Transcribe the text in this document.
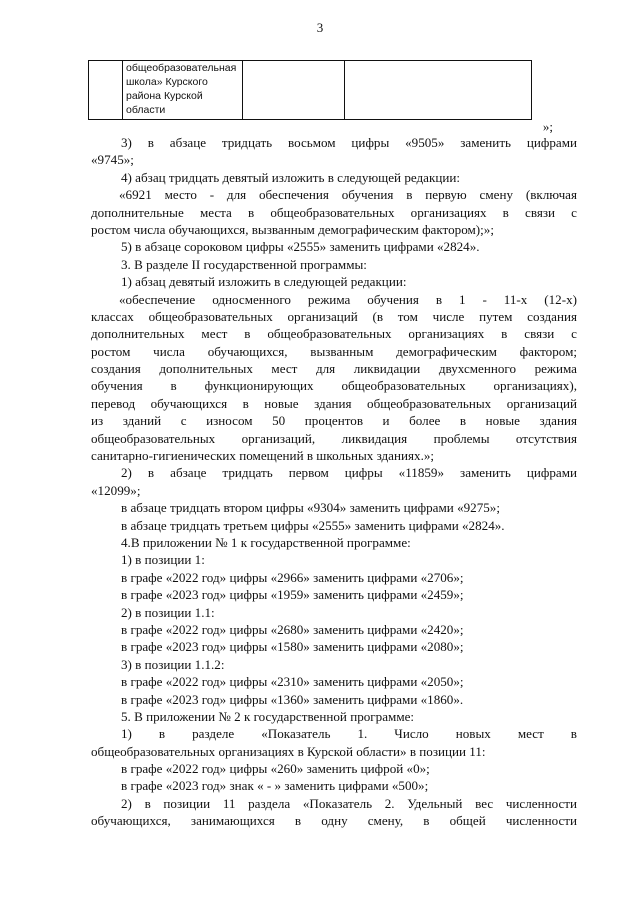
3

общеобразовательная
школа» Курского
района Курской
области

»;
3) в абзаце тридцать восьмом цифры «9505» заменить цифрами
«9745»;
4) абзац тридцать девятый изложить в следующей редакции:
«6921 место - для обеспечения обучения в первую смену (включая
дополнительные места в общеобразовательных организациях в связи с
ростом числа обучающихся, вызванным демографическим фактором);»;
5) в абзаце сороковом цифры «2555» заменить цифрами «2824».
3. В разделе II государственной программы:
1) абзац девятый изложить в следующей редакции:
«обеспечение односменного режима обучения в 1 - 11-х (12-х)
классах общеобразовательных организаций (в том числе путем создания
дополнительных мест в общеобразовательных организациях в связи с
ростом числа обучающихся, вызванным демографическим фактором;
создания дополнительных мест для ликвидации двухсменного режима
обучения в функционирующих общеобразовательных организациях),
перевод обучающихся в новые здания общеобразовательных организаций
из зданий с износом 50 процентов и более в новые здания
общеобразовательных организаций, ликвидация проблемы отсутствия
санитарно-гигиенических помещений в школьных зданиях.»;
2) в абзаце тридцать первом цифры «11859» заменить цифрами
«12099»;
в абзаце тридцать втором цифры «9304» заменить цифрами «9275»;
в абзаце тридцать третьем цифры «2555» заменить цифрами «2824».
4.В приложении № 1 к государственной программе:
1) в позиции 1:
в графе «2022 год» цифры «2966» заменить цифрами «2706»;
в графе «2023 год» цифры «1959» заменить цифрами «2459»;
2) в позиции 1.1:
в графе «2022 год» цифры «2680» заменить цифрами «2420»;
в графе «2023 год» цифры «1580» заменить цифрами «2080»;
3) в позиции 1.1.2:
в графе «2022 год» цифры «2310» заменить цифрами «2050»;
в графе «2023 год» цифры «1360» заменить цифрами «1860».
5. В приложении № 2 к государственной программе:
1) в разделе «Показатель 1. Число новых мест в
общеобразовательных организациях в Курской области» в позиции 11:
в графе «2022 год» цифры «260» заменить цифрой «0»;
в графе «2023 год» знак « - » заменить цифрами «500»;
2) в позиции 11 раздела «Показатель 2. Удельный вес численности
обучающихся, занимающихся в одну смену, в общей численности
